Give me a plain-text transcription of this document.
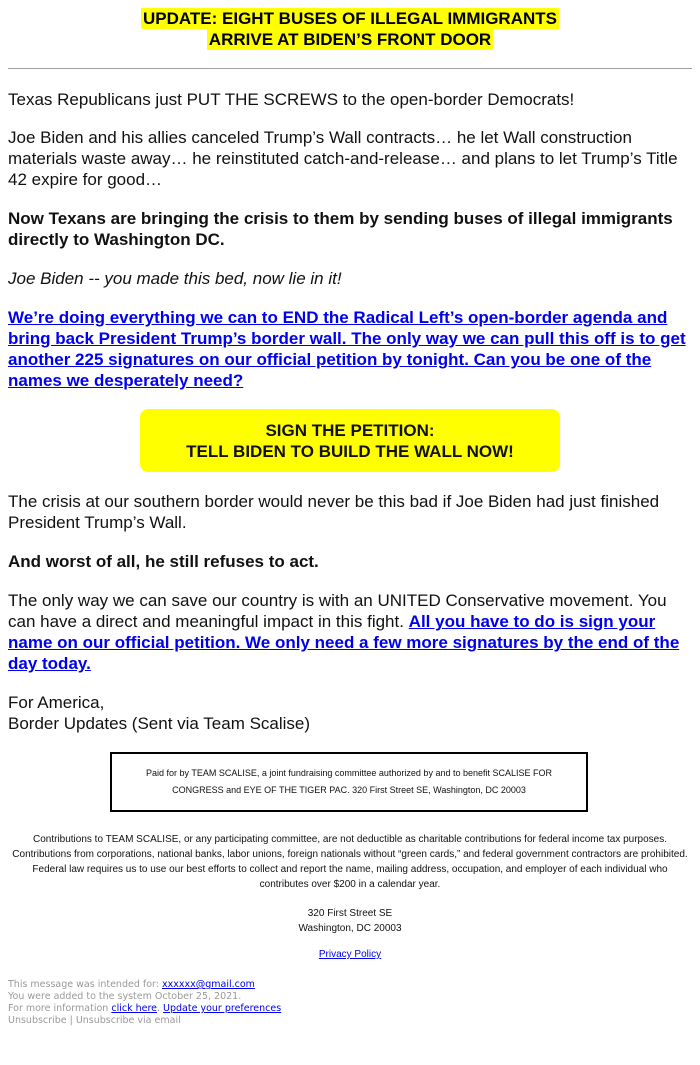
UPDATE: EIGHT BUSES OF ILLEGAL IMMIGRANTS
ARRIVE AT BIDEN’S FRONT DOOR

Texas Republicans just PUT THE SCREWS to the open-border Democrats!

Joe Biden and his allies canceled Trump’s Wall contracts… he let Wall construction materials waste away… he reinstituted catch-and-release… and plans to let Trump’s Title 42 expire for good…

Now Texans are bringing the crisis to them by sending buses of illegal immigrants directly to Washington DC.

Joe Biden -- you made this bed, now lie in it!

We’re doing everything we can to END the Radical Left’s open-border agenda and bring back President Trump’s border wall. The only way we can pull this off is to get another 225 signatures on our official petition by tonight. Can you be one of the names we desperately need?

SIGN THE PETITION:
TELL BIDEN TO BUILD THE WALL NOW!

The crisis at our southern border would never be this bad if Joe Biden had just finished President Trump’s Wall.

And worst of all, he still refuses to act.

The only way we can save our country is with an UNITED Conservative movement. You can have a direct and meaningful impact in this fight. All you have to do is sign your name on our official petition. We only need a few more signatures by the end of the day today.

For America,
Border Updates (Sent via Team Scalise)

Paid for by TEAM SCALISE, a joint fundraising committee authorized by and to benefit SCALISE FOR CONGRESS and EYE OF THE TIGER PAC. 320 First Street SE, Washington, DC 20003

Contributions to TEAM SCALISE, or any participating committee, are not deductible as charitable contributions for federal income tax purposes. Contributions from corporations, national banks, labor unions, foreign nationals without “green cards,” and federal government contractors are prohibited. Federal law requires us to use our best efforts to collect and report the name, mailing address, occupation, and employer of each individual who contributes over $200 in a calendar year.

320 First Street SE
Washington, DC 20003

Privacy Policy

This message was intended for: xxxxxx@gmail.com
You were added to the system October 25, 2021.
For more information click here. Update your preferences
Unsubscribe | Unsubscribe via email
